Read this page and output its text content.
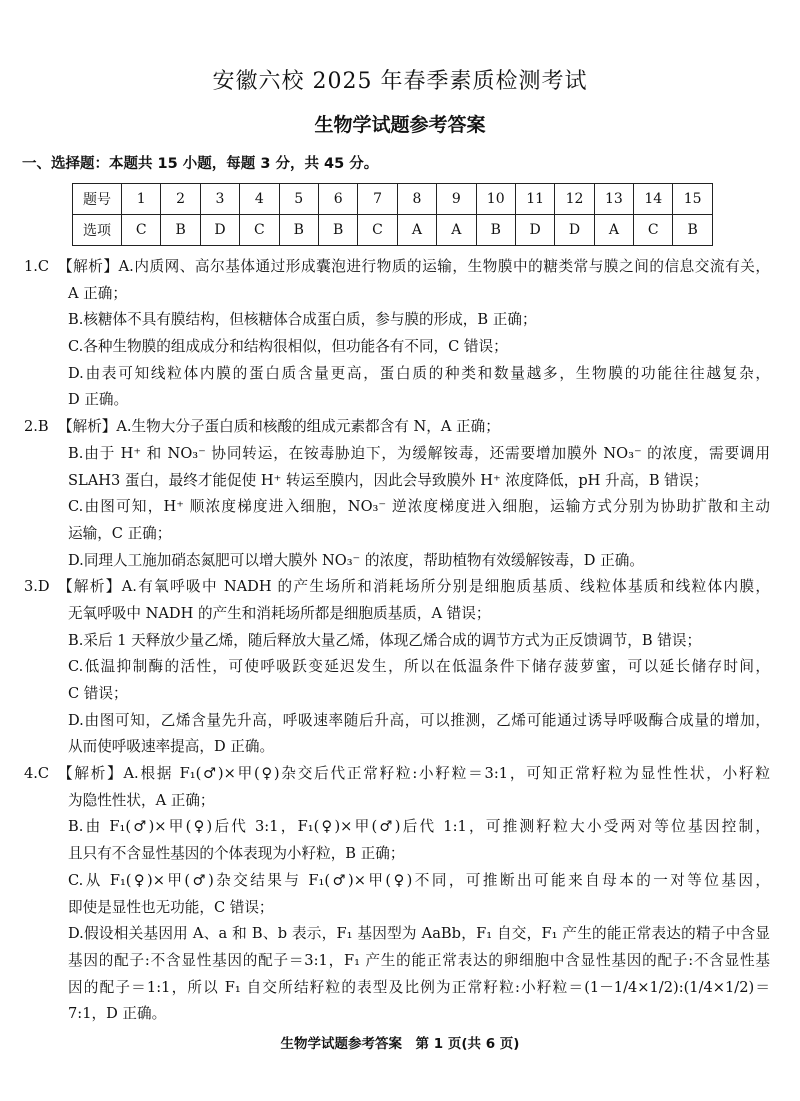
安徽六校 2025 年春季素质检测考试
生物学试题参考答案
一、选择题：本题共 15 小题，每题 3 分，共 45 分。
题号	1	2	3	4	5	6	7	8	9	10	11	12	13	14	15
选项	C	B	D	C	B	B	C	A	A	B	D	D	A	C	B
1.C 【解析】A.内质网、高尔基体通过形成囊泡进行物质的运输，生物膜中的糖类常与膜之间的信息交流有关，
A 正确；
B.核糖体不具有膜结构，但核糖体合成蛋白质，参与膜的形成，B 正确；
C.各种生物膜的组成成分和结构很相似，但功能各有不同，C 错误；
D.由表可知线粒体内膜的蛋白质含量更高，蛋白质的种类和数量越多，生物膜的功能往往越复杂，
D 正确。
2.B 【解析】A.生物大分子蛋白质和核酸的组成元素都含有 N，A 正确；
B.由于 H⁺ 和 NO₃⁻ 协同转运，在铵毒胁迫下，为缓解铵毒，还需要增加膜外 NO₃⁻ 的浓度，需要调用
SLAH3 蛋白，最终才能促使 H⁺ 转运至膜内，因此会导致膜外 H⁺ 浓度降低，pH 升高，B 错误；
C.由图可知，H⁺ 顺浓度梯度进入细胞，NO₃⁻ 逆浓度梯度进入细胞，运输方式分别为协助扩散和主动
运输，C 正确；
D.同理人工施加硝态氮肥可以增大膜外 NO₃⁻ 的浓度，帮助植物有效缓解铵毒，D 正确。
3.D 【解析】A.有氧呼吸中 NADH 的产生场所和消耗场所分别是细胞质基质、线粒体基质和线粒体内膜，
无氧呼吸中 NADH 的产生和消耗场所都是细胞质基质，A 错误；
B.采后 1 天释放少量乙烯，随后释放大量乙烯，体现乙烯合成的调节方式为正反馈调节，B 错误；
C.低温抑制酶的活性，可使呼吸跃变延迟发生，所以在低温条件下储存菠萝蜜，可以延长储存时间，
C 错误；
D.由图可知，乙烯含量先升高，呼吸速率随后升高，可以推测，乙烯可能通过诱导呼吸酶合成量的增加，
从而使呼吸速率提高，D 正确。
4.C 【解析】A.根据 F₁(♂)×甲(♀)杂交后代正常籽粒:小籽粒＝3:1，可知正常籽粒为显性性状，小籽粒
为隐性性状，A 正确；
B.由 F₁(♂)×甲(♀)后代 3:1，F₁(♀)×甲(♂)后代 1:1，可推测籽粒大小受两对等位基因控制，
且只有不含显性基因的个体表现为小籽粒，B 正确；
C.从 F₁(♀)×甲(♂)杂交结果与 F₁(♂)×甲(♀)不同，可推断出可能来自母本的一对等位基因，
即使是显性也无功能，C 错误；
D.假设相关基因用 A、a 和 B、b 表示，F₁ 基因型为 AaBb，F₁ 自交，F₁ 产生的能正常表达的精子中含显
基因的配子:不含显性基因的配子＝3:1，F₁ 产生的能正常表达的卵细胞中含显性基因的配子:不含显性基
因的配子＝1:1，所以 F₁ 自交所结籽粒的表型及比例为正常籽粒:小籽粒＝(1－1/4×1/2):(1/4×1/2)＝
7:1，D 正确。
生物学试题参考答案　第 1 页(共 6 页)
